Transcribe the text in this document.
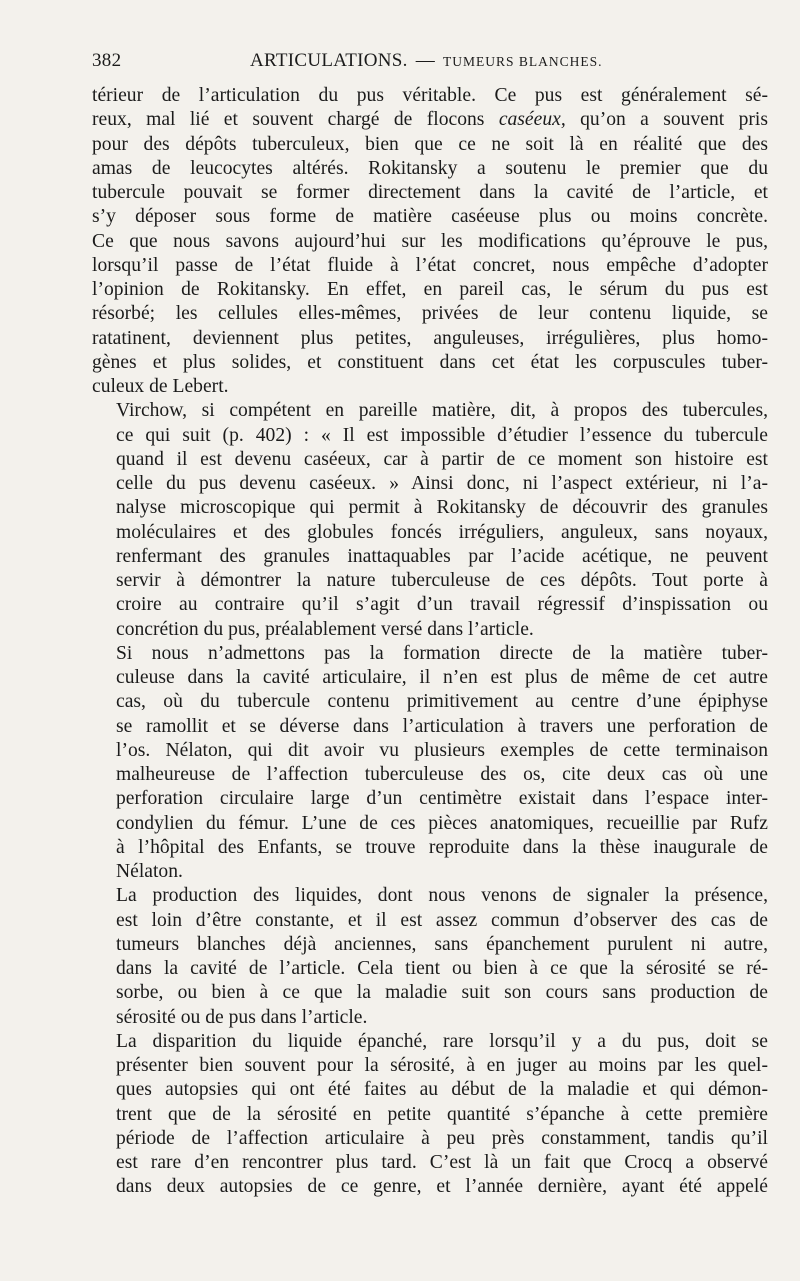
382	ARTICULATIONS. — TUMEURS BLANCHES.

térieur de l’articulation du pus véritable. Ce pus est généralement sé-
reux, mal lié et souvent chargé de flocons caséeux, qu’on a souvent pris
pour des dépôts tuberculeux, bien que ce ne soit là en réalité que des
amas de leucocytes altérés. Rokitansky a soutenu le premier que du
tubercule pouvait se former directement dans la cavité de l’article, et
s’y déposer sous forme de matière caséeuse plus ou moins concrète.
Ce que nous savons aujourd’hui sur les modifications qu’éprouve le pus,
lorsqu’il passe de l’état fluide à l’état concret, nous empêche d’adopter
l’opinion de Rokitansky. En effet, en pareil cas, le sérum du pus est
résorbé; les cellules elles-mêmes, privées de leur contenu liquide, se
ratatinent, deviennent plus petites, anguleuses, irrégulières, plus homo-
gènes et plus solides, et constituent dans cet état les corpuscules tuber-
culeux de Lebert.

Virchow, si compétent en pareille matière, dit, à propos des tubercules,
ce qui suit (p. 402) : « Il est impossible d’étudier l’essence du tubercule
quand il est devenu caséeux, car à partir de ce moment son histoire est
celle du pus devenu caséeux. » Ainsi donc, ni l’aspect extérieur, ni l’a-
nalyse microscopique qui permit à Rokitansky de découvrir des granules
moléculaires et des globules foncés irréguliers, anguleux, sans noyaux,
renfermant des granules inattaquables par l’acide acétique, ne peuvent
servir à démontrer la nature tuberculeuse de ces dépôts. Tout porte à
croire au contraire qu’il s’agit d’un travail régressif d’inspissation ou
concrétion du pus, préalablement versé dans l’article.

Si nous n’admettons pas la formation directe de la matière tuber-
culeuse dans la cavité articulaire, il n’en est plus de même de cet autre
cas, où du tubercule contenu primitivement au centre d’une épiphyse
se ramollit et se déverse dans l’articulation à travers une perforation de
l’os. Nélaton, qui dit avoir vu plusieurs exemples de cette terminaison
malheureuse de l’affection tuberculeuse des os, cite deux cas où une
perforation circulaire large d’un centimètre existait dans l’espace inter-
condylien du fémur. L’une de ces pièces anatomiques, recueillie par Rufz
à l’hôpital des Enfants, se trouve reproduite dans la thèse inaugurale de
Nélaton.

La production des liquides, dont nous venons de signaler la présence,
est loin d’être constante, et il est assez commun d’observer des cas de
tumeurs blanches déjà anciennes, sans épanchement purulent ni autre,
dans la cavité de l’article. Cela tient ou bien à ce que la sérosité se ré-
sorbe, ou bien à ce que la maladie suit son cours sans production de
sérosité ou de pus dans l’article.

La disparition du liquide épanché, rare lorsqu’il y a du pus, doit se
présenter bien souvent pour la sérosité, à en juger au moins par les quel-
ques autopsies qui ont été faites au début de la maladie et qui démon-
trent que de la sérosité en petite quantité s’épanche à cette première
période de l’affection articulaire à peu près constamment, tandis qu’il
est rare d’en rencontrer plus tard. C’est là un fait que Crocq a observé
dans deux autopsies de ce genre, et l’année dernière, ayant été appelé
